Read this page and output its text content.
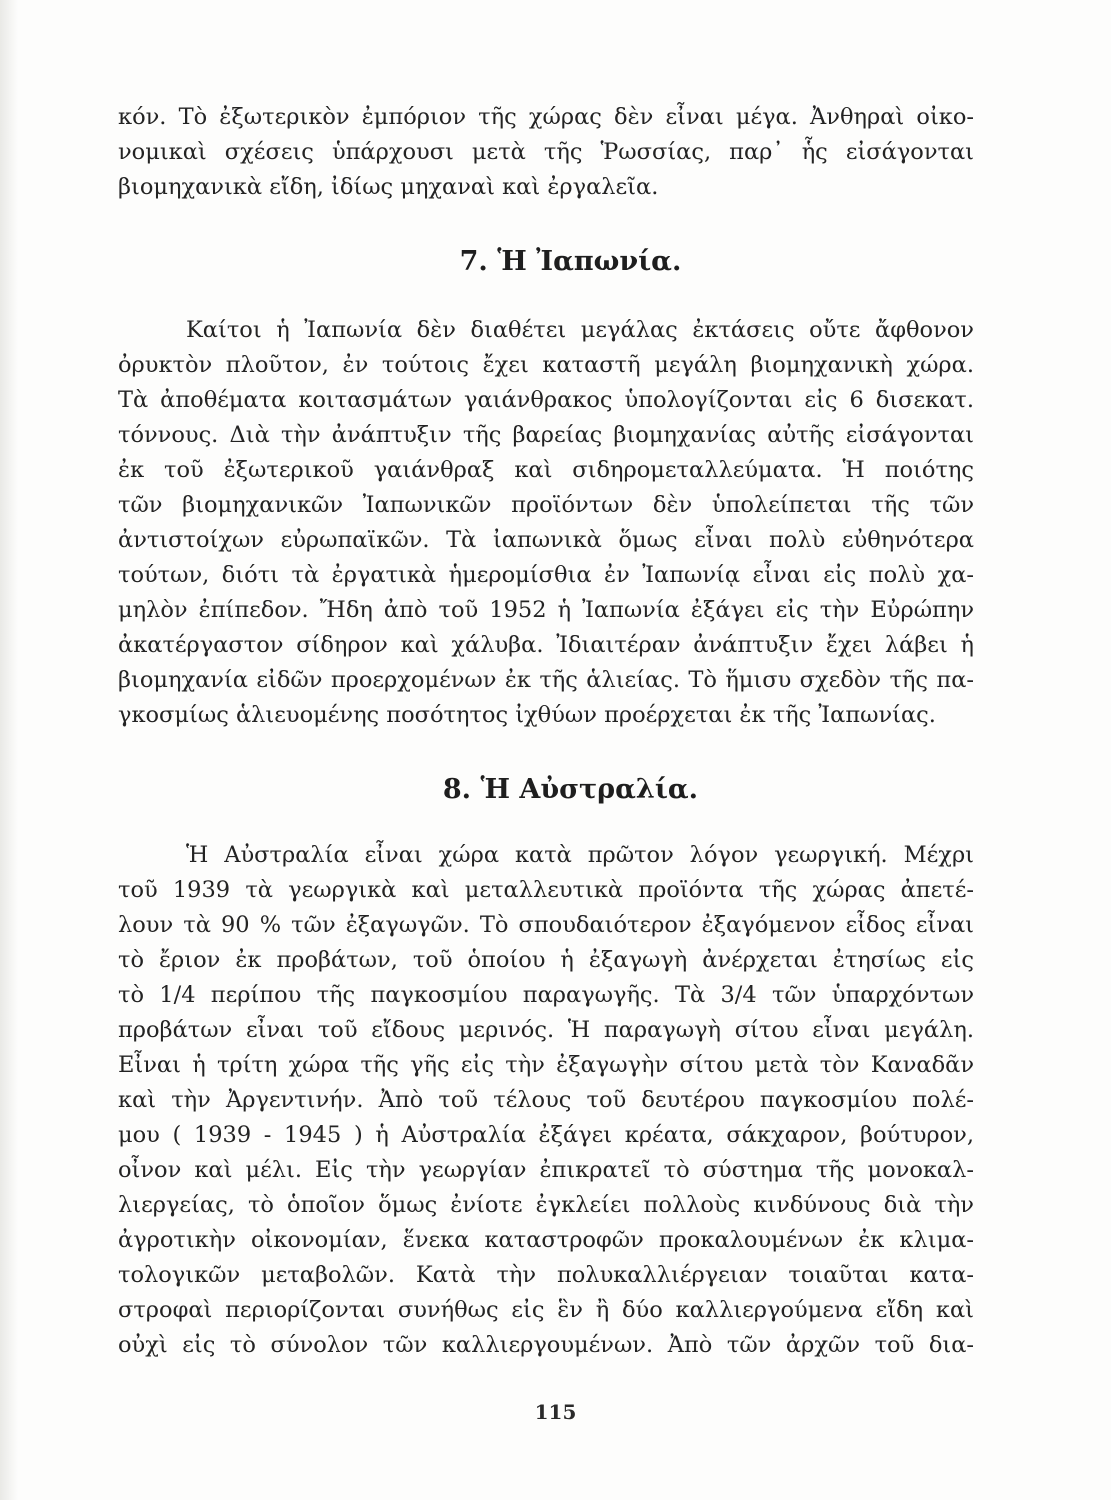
κόν. Τὸ ἐξωτερικὸν ἐμπόριον τῆς χώρας δὲν εἶναι μέγα. Ἀνθηραὶ οἰκο-
νομικαὶ σχέσεις ὑπάρχουσι μετὰ τῆς Ῥωσσίας, παρ᾽ ἧς εἰσάγονται
βιομηχανικὰ εἴδη, ἰδίως μηχαναὶ καὶ ἐργαλεῖα.
7. Ἡ Ἰαπωνία.
Καίτοι ἡ Ἰαπωνία δὲν διαθέτει μεγάλας ἐκτάσεις οὔτε ἄφθονον
ὀρυκτὸν πλοῦτον, ἐν τούτοις ἔχει καταστῆ μεγάλη βιομηχανικὴ χώρα.
Τὰ ἀποθέματα κοιτασμάτων γαιάνθρακος ὑπολογίζονται εἰς 6 δισεκατ.
τόννους. Διὰ τὴν ἀνάπτυξιν τῆς βαρείας βιομηχανίας αὐτῆς εἰσάγονται
ἐκ τοῦ ἐξωτερικοῦ γαιάνθραξ καὶ σιδηρομεταλλεύματα. Ἡ ποιότης
τῶν βιομηχανικῶν Ἰαπωνικῶν προϊόντων δὲν ὑπολείπεται τῆς τῶν
ἀντιστοίχων εὐρωπαϊκῶν. Τὰ ἰαπωνικὰ ὅμως εἶναι πολὺ εὐθηνότερα
τούτων, διότι τὰ ἐργατικὰ ἡμερομίσθια ἐν Ἰαπωνίᾳ εἶναι εἰς πολὺ χα-
μηλὸν ἐπίπεδον. Ἤδη ἀπὸ τοῦ 1952 ἡ Ἰαπωνία ἐξάγει εἰς τὴν Εὐρώπην
ἀκατέργαστον σίδηρον καὶ χάλυβα. Ἰδιαιτέραν ἀνάπτυξιν ἔχει λάβει ἡ
βιομηχανία εἰδῶν προερχομένων ἐκ τῆς ἁλιείας. Τὸ ἥμισυ σχεδὸν τῆς πα-
γκοσμίως ἁλιευομένης ποσότητος ἰχθύων προέρχεται ἐκ τῆς Ἰαπωνίας.
8. Ἡ Αὐστραλία.
Ἡ Αὐστραλία εἶναι χώρα κατὰ πρῶτον λόγον γεωργική. Μέχρι
τοῦ 1939 τὰ γεωργικὰ καὶ μεταλλευτικὰ προϊόντα τῆς χώρας ἀπετέ-
λουν τὰ 90 % τῶν ἐξαγωγῶν. Τὸ σπουδαιότερον ἐξαγόμενον εἶδος εἶναι
τὸ ἔριον ἐκ προβάτων, τοῦ ὁποίου ἡ ἐξαγωγὴ ἀνέρχεται ἐτησίως εἰς
τὸ 1/4 περίπου τῆς παγκοσμίου παραγωγῆς. Τὰ 3/4 τῶν ὑπαρχόντων
προβάτων εἶναι τοῦ εἴδους μερινός. Ἡ παραγωγὴ σίτου εἶναι μεγάλη.
Εἶναι ἡ τρίτη χώρα τῆς γῆς εἰς τὴν ἐξαγωγὴν σίτου μετὰ τὸν Καναδᾶν
καὶ τὴν Ἀργεντινήν. Ἀπὸ τοῦ τέλους τοῦ δευτέρου παγκοσμίου πολέ-
μου ( 1939 - 1945 ) ἡ Αὐστραλία ἐξάγει κρέατα, σάκχαρον, βούτυρον,
οἶνον καὶ μέλι. Εἰς τὴν γεωργίαν ἐπικρατεῖ τὸ σύστημα τῆς μονοκαλ-
λιεργείας, τὸ ὁποῖον ὅμως ἐνίοτε ἐγκλείει πολλοὺς κινδύνους διὰ τὴν
ἀγροτικὴν οἰκονομίαν, ἕνεκα καταστροφῶν προκαλουμένων ἐκ κλιμα-
τολογικῶν μεταβολῶν. Κατὰ τὴν πολυκαλλιέργειαν τοιαῦται κατα-
στροφαὶ περιορίζονται συνήθως εἰς ἓν ἢ δύο καλλιεργούμενα εἴδη καὶ
οὐχὶ εἰς τὸ σύνολον τῶν καλλιεργουμένων. Ἀπὸ τῶν ἀρχῶν τοῦ δια-
115
